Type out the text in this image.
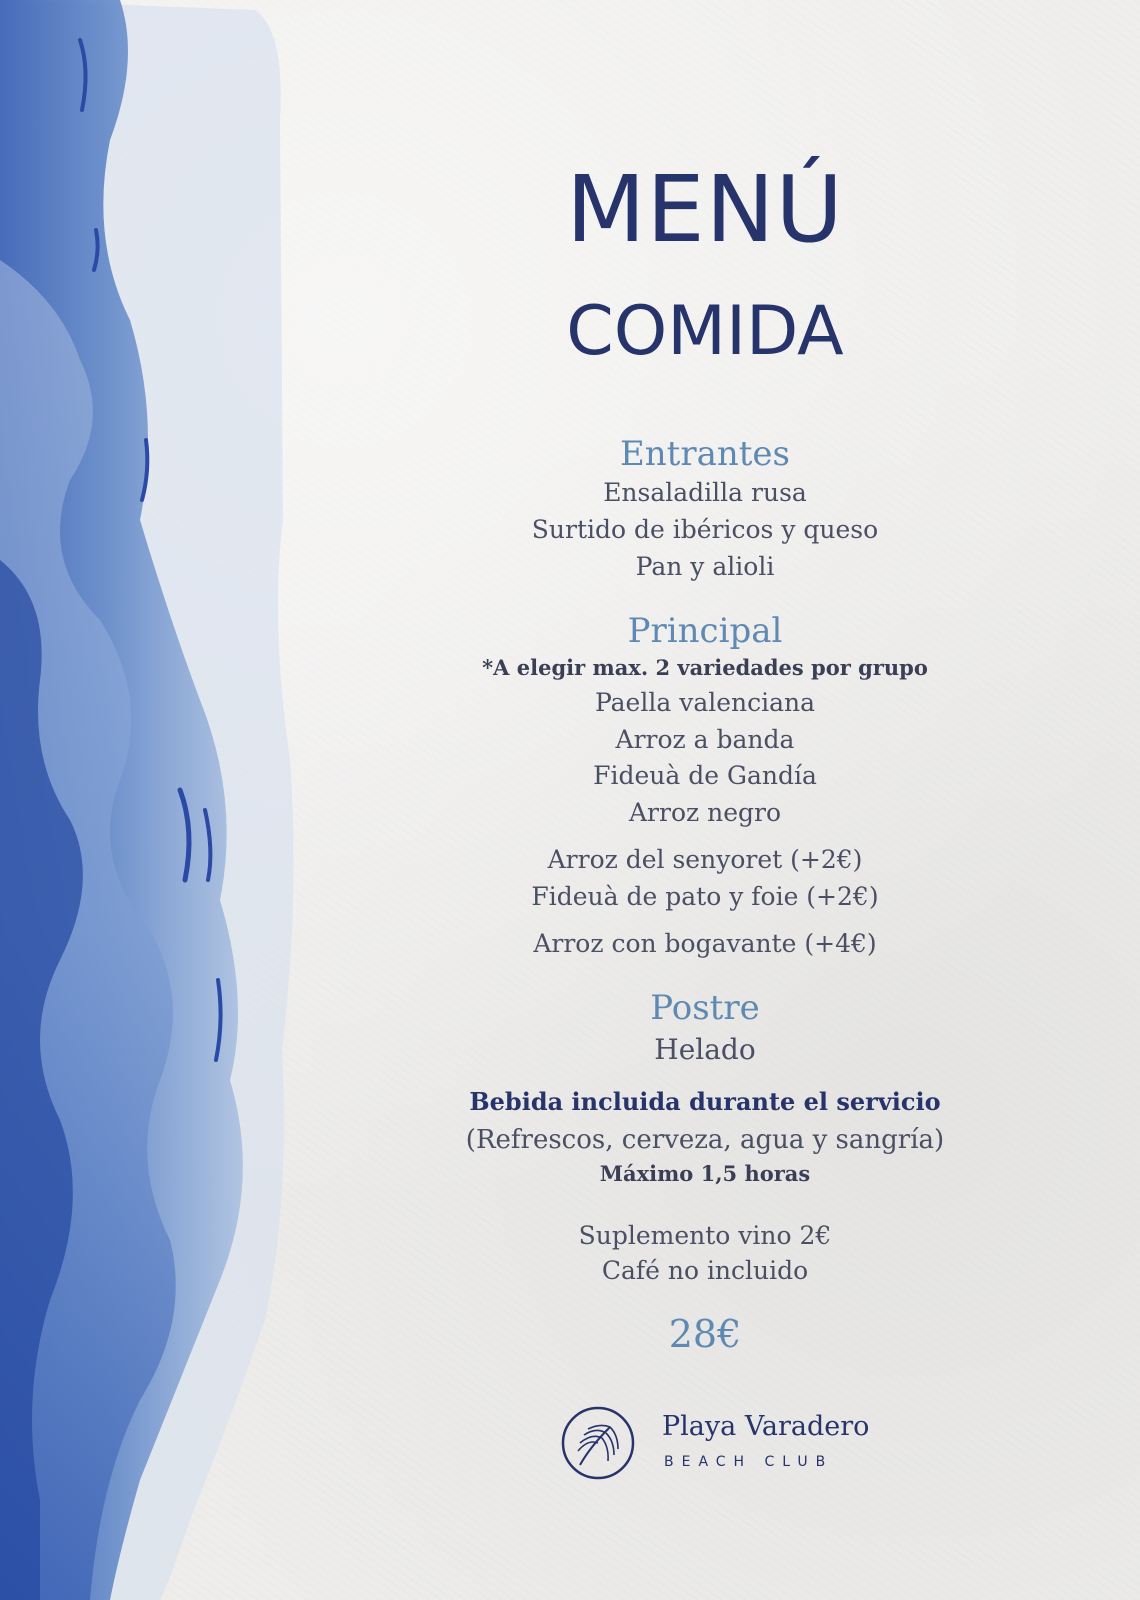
MENÚ
COMIDA
Entrantes
Ensaladilla rusa
Surtido de ibéricos y queso
Pan y alioli
Principal
*A elegir max. 2 variedades por grupo
Paella valenciana
Arroz a banda
Fideuà de Gandía
Arroz negro
Arroz del senyoret (+2€)
Fideuà de pato y foie (+2€)
Arroz con bogavante (+4€)
Postre
Helado
Bebida incluida durante el servicio
(Refrescos, cerveza, agua y sangría)
Máximo 1,5 horas
Suplemento vino 2€
Café no incluido
28€
Playa Varadero
BEACH CLUB
